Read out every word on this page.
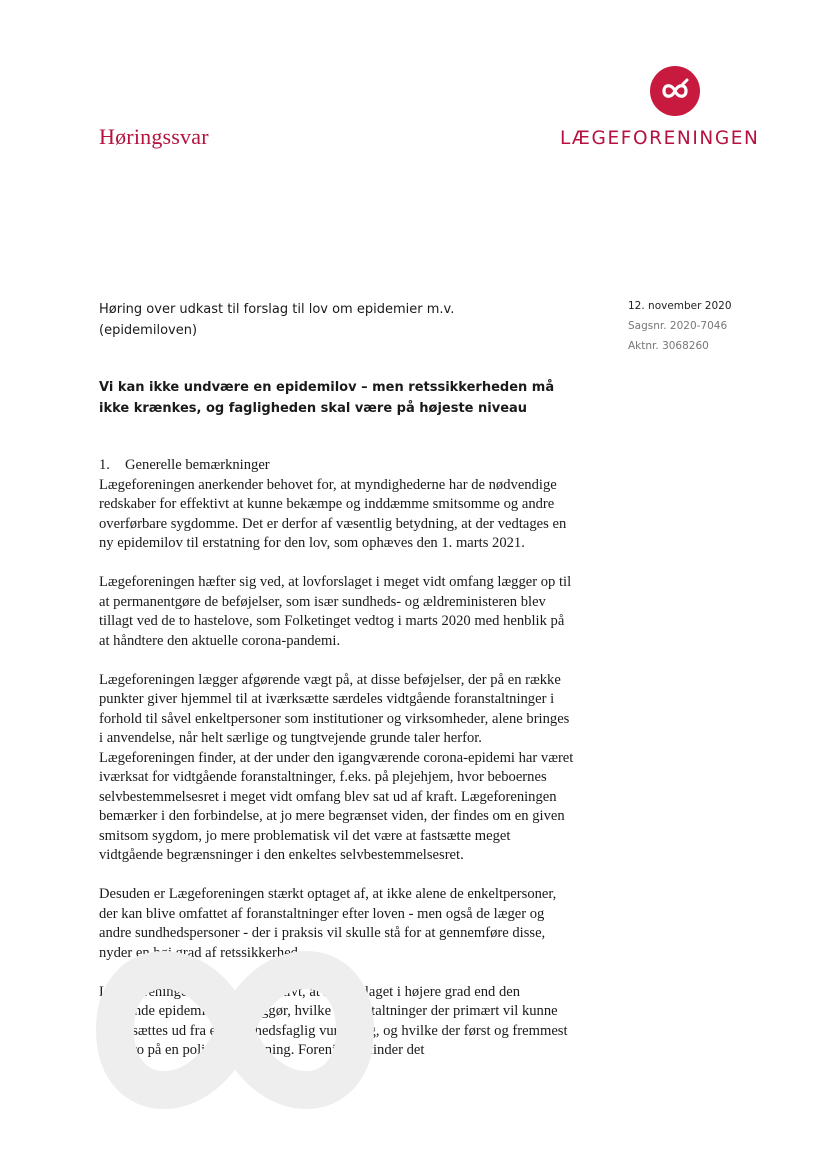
Høringssvar	LÆGEFORENINGEN
12. november 2020
Sagsnr. 2020-7046
Aktnr. 3068260
Høring over udkast til forslag til lov om epidemier m.v.
(epidemiloven)
Vi kan ikke undvære en epidemilov – men retssikkerheden må ikke krænkes, og fagligheden skal være på højeste niveau
1. Generelle bemærkninger

Lægeforeningen anerkender behovet for, at myndighederne har de nødvendige redskaber for effektivt at kunne bekæmpe og inddæmme smitsomme og andre overførbare sygdomme. Det er derfor af væsentlig betydning, at der vedtages en ny epidemilov til erstatning for den lov, som ophæves den 1. marts 2021.

Lægeforeningen hæfter sig ved, at lovforslaget i meget vidt omfang lægger op til at permanentgøre de beføjelser, som især sundheds- og ældreministeren blev tillagt ved de to hastelove, som Folketinget vedtog i marts 2020 med henblik på at håndtere den aktuelle corona-pandemi.

Lægeforeningen lægger afgørende vægt på, at disse beføjelser, der på en række punkter giver hjemmel til at iværksætte særdeles vidtgående foranstaltninger i forhold til såvel enkeltpersoner som institutioner og virksomheder, alene bringes i anvendelse, når helt særlige og tungtvejende grunde taler herfor. Lægeforeningen finder, at der under den igangværende corona-epidemi har været iværksat for vidtgående foranstaltninger, f.eks. på plejehjem, hvor beboernes selvbestemmelsesret i meget vidt omfang blev sat ud af kraft. Lægeforeningen bemærker i den forbindelse, at jo mere begrænset viden, der findes om en given smitsom sygdom, jo mere problematisk vil det være at fastsætte meget vidtgående begrænsninger i den enkeltes selvbestemmelsesret.

Desuden er Lægeforeningen stærkt optaget af, at ikke alene de enkeltpersoner, der kan blive omfattet af foranstaltninger efter loven - men også de læger og andre sundhedspersoner - der i praksis vil skulle stå for at gennemføre disse, nyder en høj grad af retssikkerhed.

Lægeforeningen finder det positivt, at lovforslaget i højere grad end den gældende epidemilov tydeliggør, hvilke foranstaltninger der primært vil kunne iværksættes ud fra en sundhedsfaglig vurdering, og hvilke der først og fremmest vil bero på en politisk beslutning. Foreningen finder det
